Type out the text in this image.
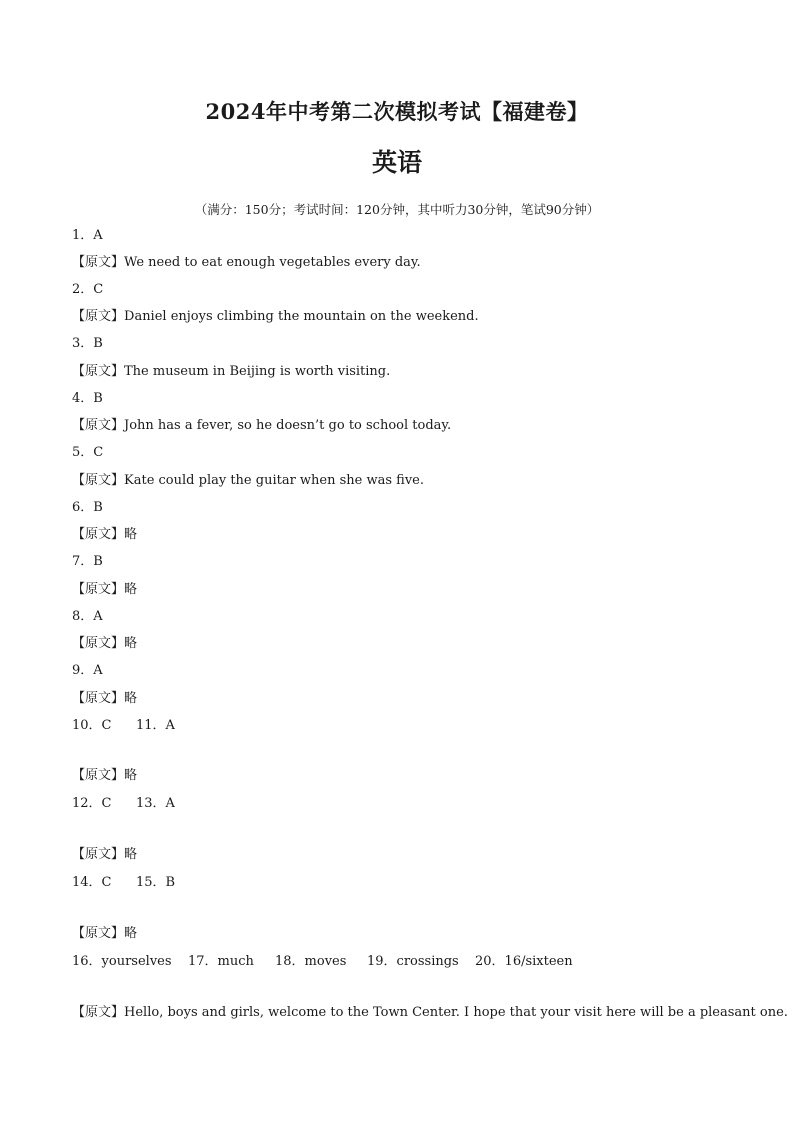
2024年中考第二次模拟考试【福建卷】
英语
（满分：150分；考试时间：120分钟，其中听力30分钟，笔试90分钟）
1．A
【原文】We need to eat enough vegetables every day.
2．C
【原文】Daniel enjoys climbing the mountain on the weekend.
3．B
【原文】The museum in Beijing is worth visiting.
4．B
【原文】John has a fever, so he doesn’t go to school today.
5．C
【原文】Kate could play the guitar when she was five.
6．B
【原文】略
7．B
【原文】略
8．A
【原文】略
9．A
【原文】略
10．C 11．A
【原文】略
12．C 13．A
【原文】略
14．C 15．B
【原文】略
16．yourselves 17．much 18．moves 19．crossings 20．16/sixteen
【原文】Hello, boys and girls, welcome to the Town Center. I hope that your visit here will be a pleasant one.
